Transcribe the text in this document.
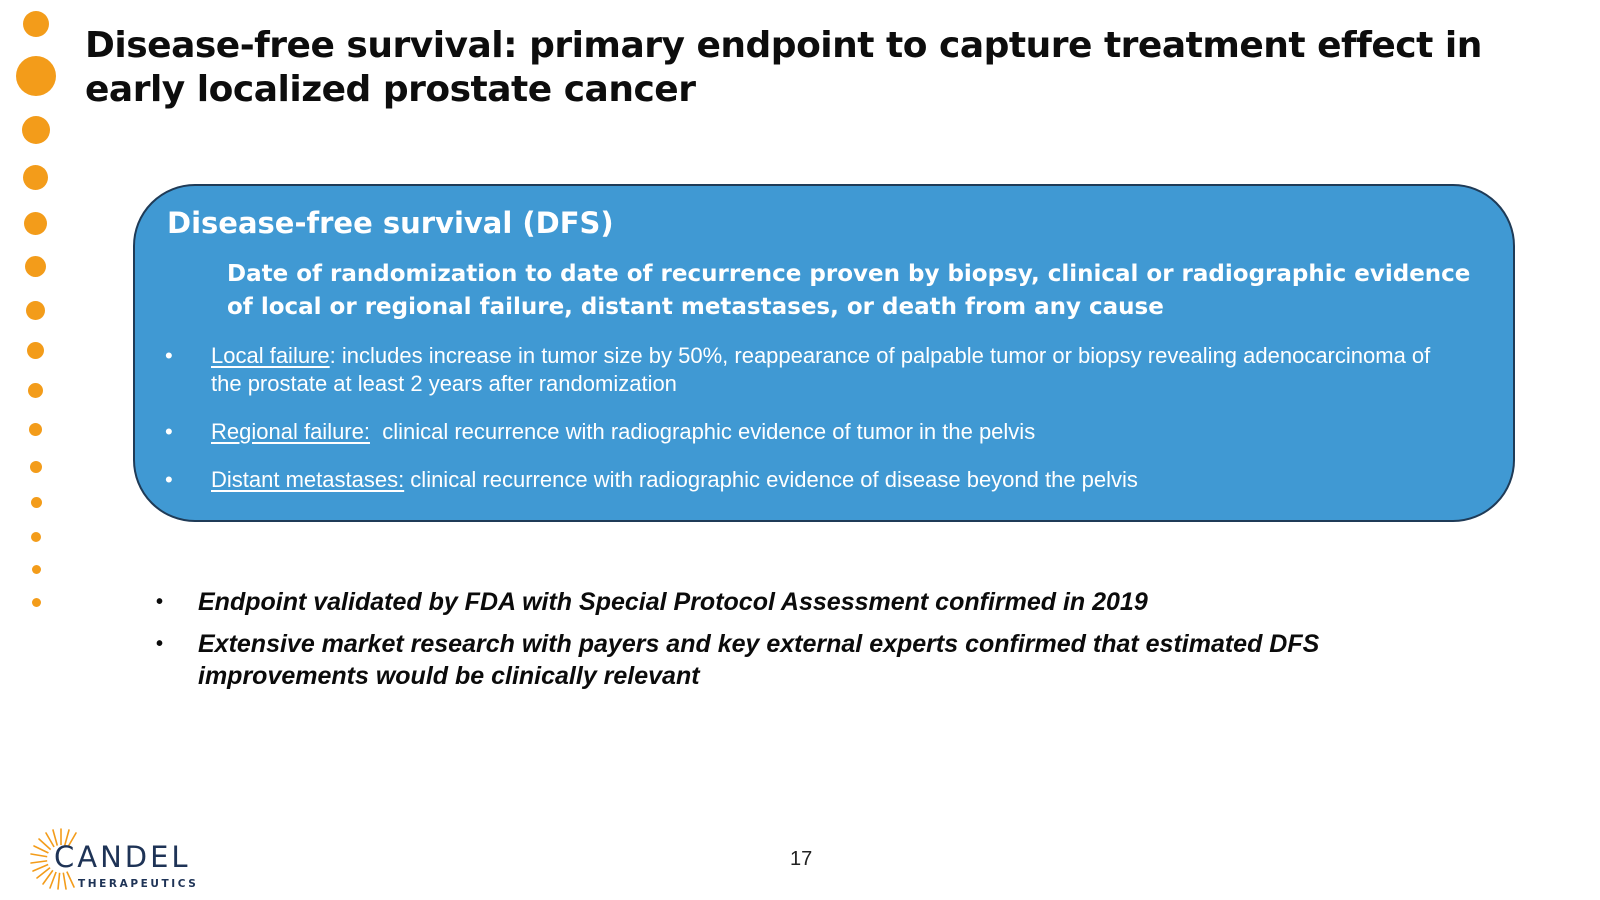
Disease-free survival: primary endpoint to capture treatment effect in early localized prostate cancer
Disease-free survival (DFS)
Date of randomization to date of recurrence proven by biopsy, clinical or radiographic evidence of local or regional failure, distant metastases, or death from any cause
• Local failure: includes increase in tumor size by 50%, reappearance of palpable tumor or biopsy revealing adenocarcinoma of the prostate at least 2 years after randomization
• Regional failure:  clinical recurrence with radiographic evidence of tumor in the pelvis
• Distant metastases: clinical recurrence with radiographic evidence of disease beyond the pelvis
• Endpoint validated by FDA with Special Protocol Assessment confirmed in 2019
• Extensive market research with payers and key external experts confirmed that estimated DFS improvements would be clinically relevant
CANDEL
THERAPEUTICS
17
